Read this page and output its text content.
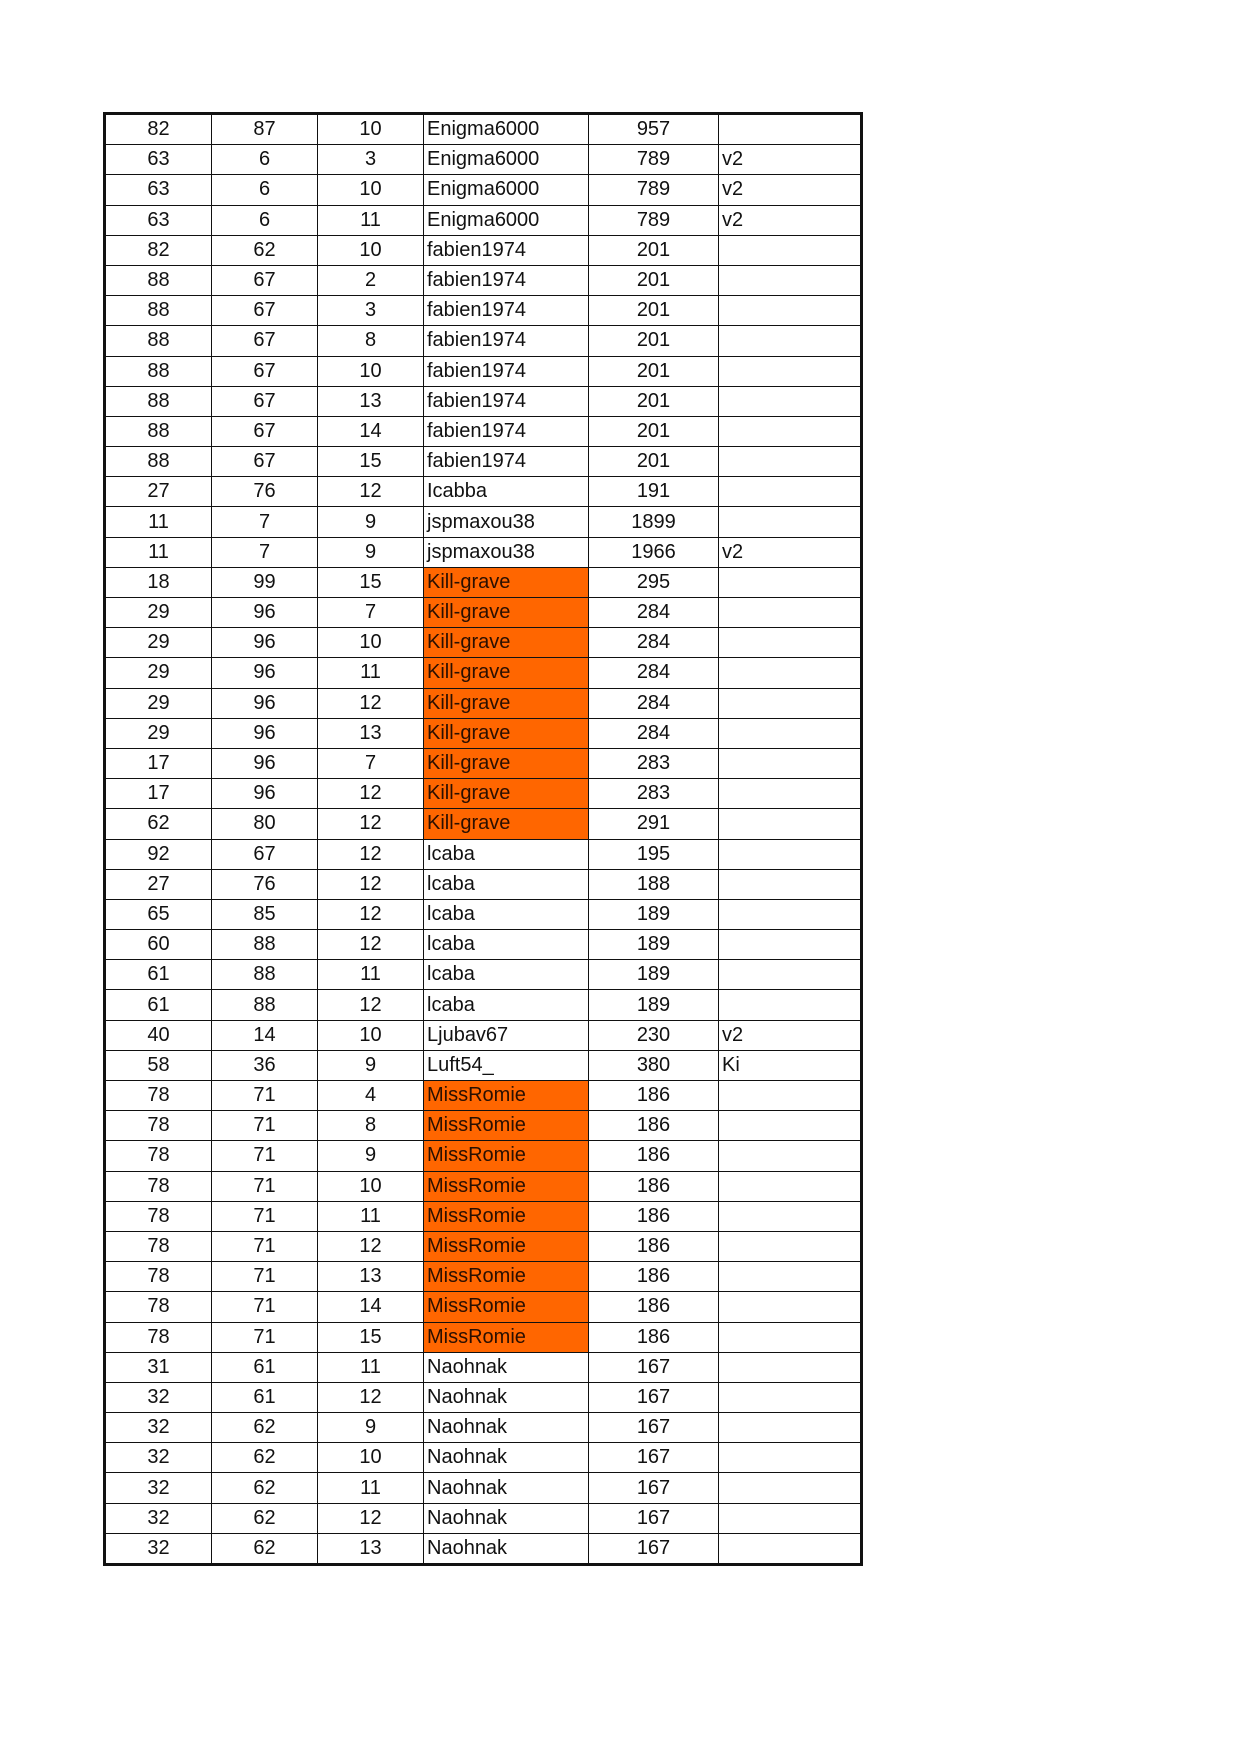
82	87	10	Enigma6000	957	
63	6	3	Enigma6000	789	v2
63	6	10	Enigma6000	789	v2
63	6	11	Enigma6000	789	v2
82	62	10	fabien1974	201	
88	67	2	fabien1974	201	
88	67	3	fabien1974	201	
88	67	8	fabien1974	201	
88	67	10	fabien1974	201	
88	67	13	fabien1974	201	
88	67	14	fabien1974	201	
88	67	15	fabien1974	201	
27	76	12	Icabba	191	
11	7	9	jspmaxou38	1899	
11	7	9	jspmaxou38	1966	v2
18	99	15	Kill-grave	295	
29	96	7	Kill-grave	284	
29	96	10	Kill-grave	284	
29	96	11	Kill-grave	284	
29	96	12	Kill-grave	284	
29	96	13	Kill-grave	284	
17	96	7	Kill-grave	283	
17	96	12	Kill-grave	283	
62	80	12	Kill-grave	291	
92	67	12	lcaba	195	
27	76	12	lcaba	188	
65	85	12	lcaba	189	
60	88	12	lcaba	189	
61	88	11	lcaba	189	
61	88	12	lcaba	189	
40	14	10	Ljubav67	230	v2
58	36	9	Luft54_	380	Ki
78	71	4	MissRomie	186	
78	71	8	MissRomie	186	
78	71	9	MissRomie	186	
78	71	10	MissRomie	186	
78	71	11	MissRomie	186	
78	71	12	MissRomie	186	
78	71	13	MissRomie	186	
78	71	14	MissRomie	186	
78	71	15	MissRomie	186	
31	61	11	Naohnak	167	
32	61	12	Naohnak	167	
32	62	9	Naohnak	167	
32	62	10	Naohnak	167	
32	62	11	Naohnak	167	
32	62	12	Naohnak	167	
32	62	13	Naohnak	167	
